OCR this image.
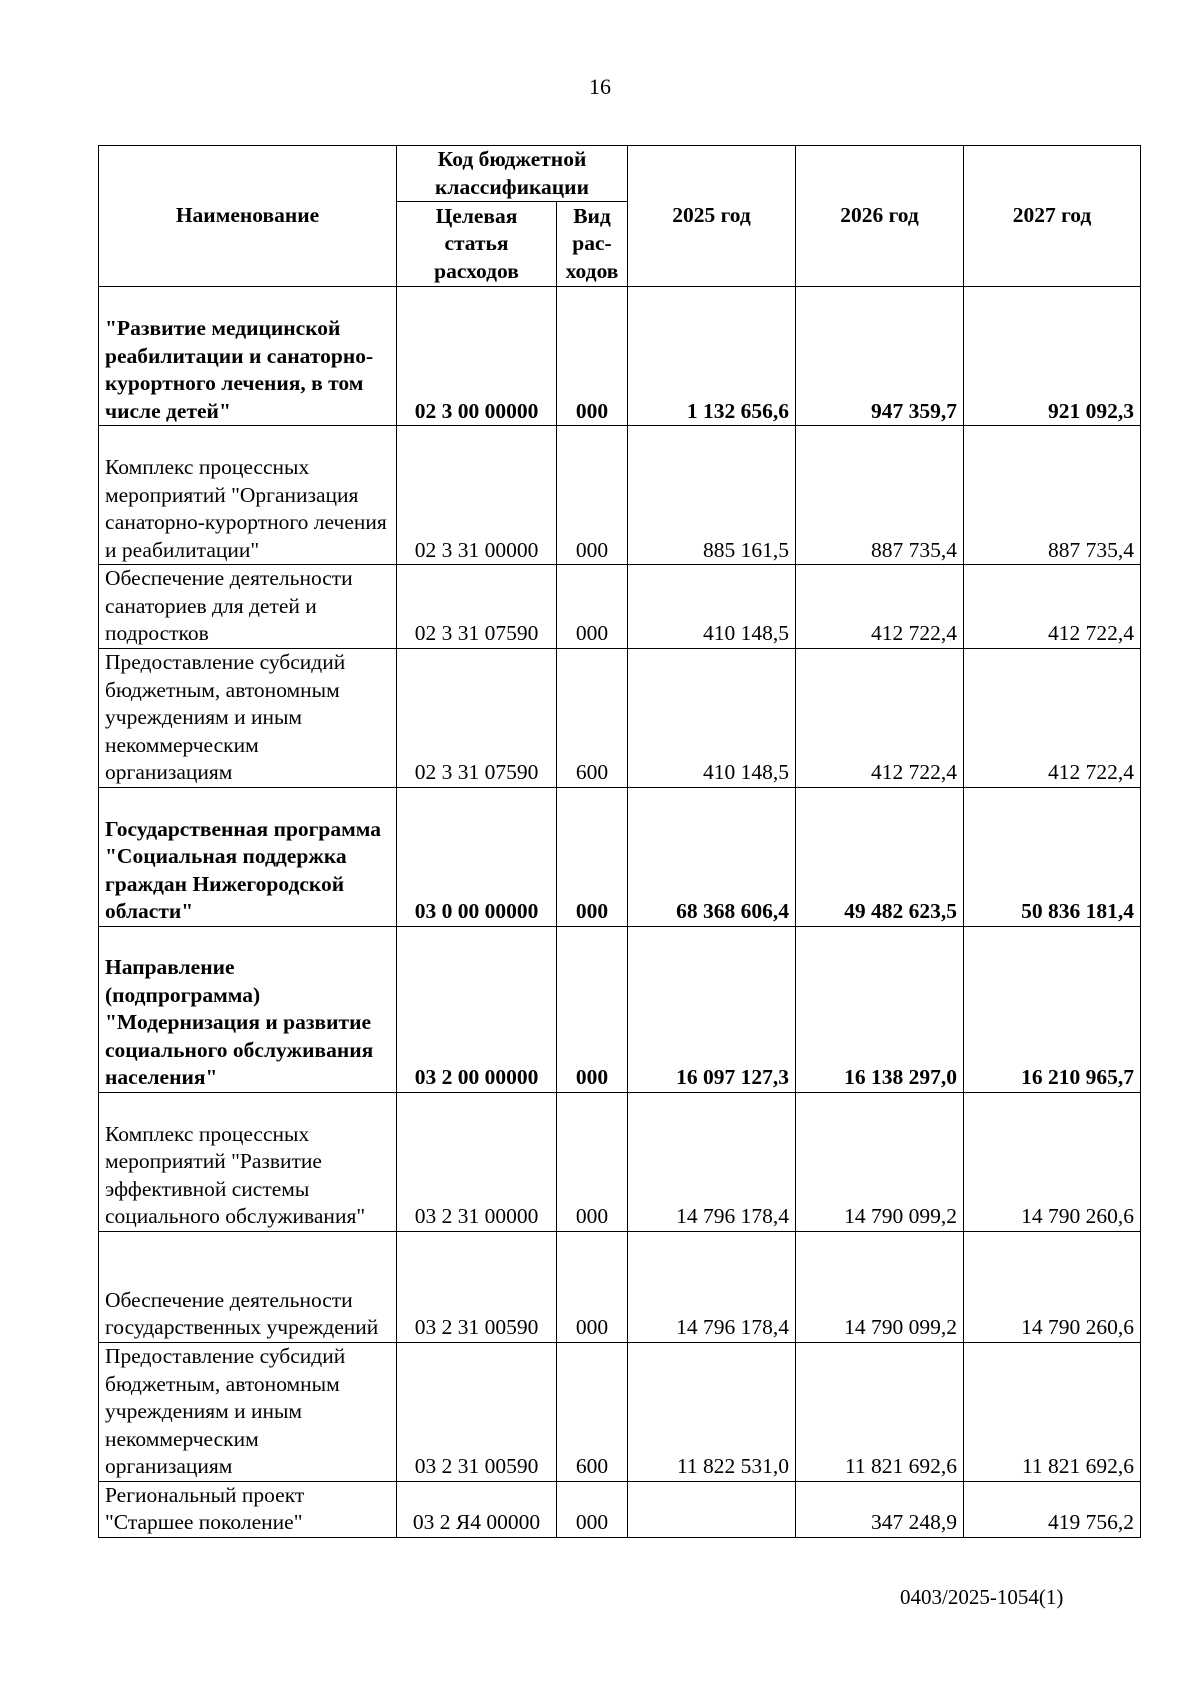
16
Наименование	Код бюджетной классификации		2025 год	2026 год	2027 год
	Целевая статья расходов	Вид рас-ходов			
"Развитие медицинской реабилитации и санаторно-курортного лечения, в том числе детей"	02 3 00 00000	000	1 132 656,6	947 359,7	921 092,3
Комплекс процессных мероприятий "Организация санаторно-курортного лечения и реабилитации"	02 3 31 00000	000	885 161,5	887 735,4	887 735,4
Обеспечение деятельности санаториев для детей и подростков	02 3 31 07590	000	410 148,5	412 722,4	412 722,4
Предоставление субсидий бюджетным, автономным учреждениям и иным некоммерческим организациям	02 3 31 07590	600	410 148,5	412 722,4	412 722,4
Государственная программа "Социальная поддержка граждан Нижегородской области"	03 0 00 00000	000	68 368 606,4	49 482 623,5	50 836 181,4
Направление (подпрограмма) "Модернизация и развитие социального обслуживания населения"	03 2 00 00000	000	16 097 127,3	16 138 297,0	16 210 965,7
Комплекс процессных мероприятий "Развитие эффективной системы социального обслуживания"	03 2 31 00000	000	14 796 178,4	14 790 099,2	14 790 260,6
Обеспечение деятельности государственных учреждений	03 2 31 00590	000	14 796 178,4	14 790 099,2	14 790 260,6
Предоставление субсидий бюджетным, автономным учреждениям и иным некоммерческим организациям	03 2 31 00590	600	11 822 531,0	11 821 692,6	11 821 692,6
Региональный проект "Старшее поколение"	03 2 Я4 00000	000		347 248,9	419 756,2
0403/2025-1054(1)
